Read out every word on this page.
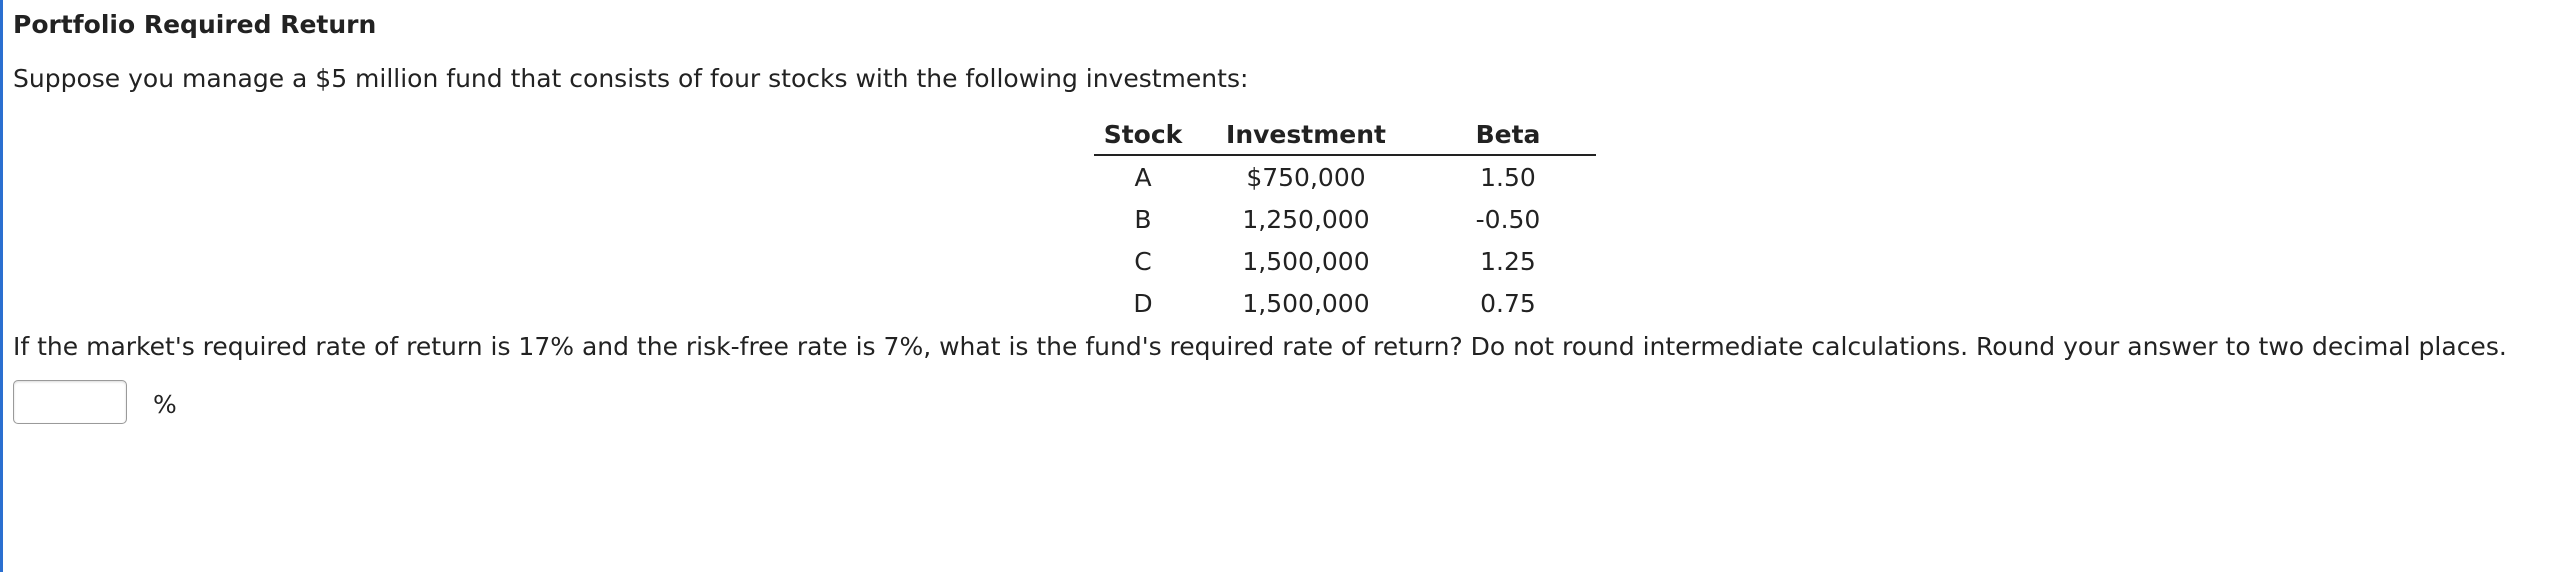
Portfolio Required Return
Suppose you manage a $5 million fund that consists of four stocks with the following investments:
Stock	Investment	Beta
A	$750,000	1.50
B	1,250,000	-0.50
C	1,500,000	1.25
D	1,500,000	0.75
If the market's required rate of return is 17% and the risk-free rate is 7%, what is the fund's required rate of return? Do not round intermediate calculations. Round your answer to two decimal places.
%
